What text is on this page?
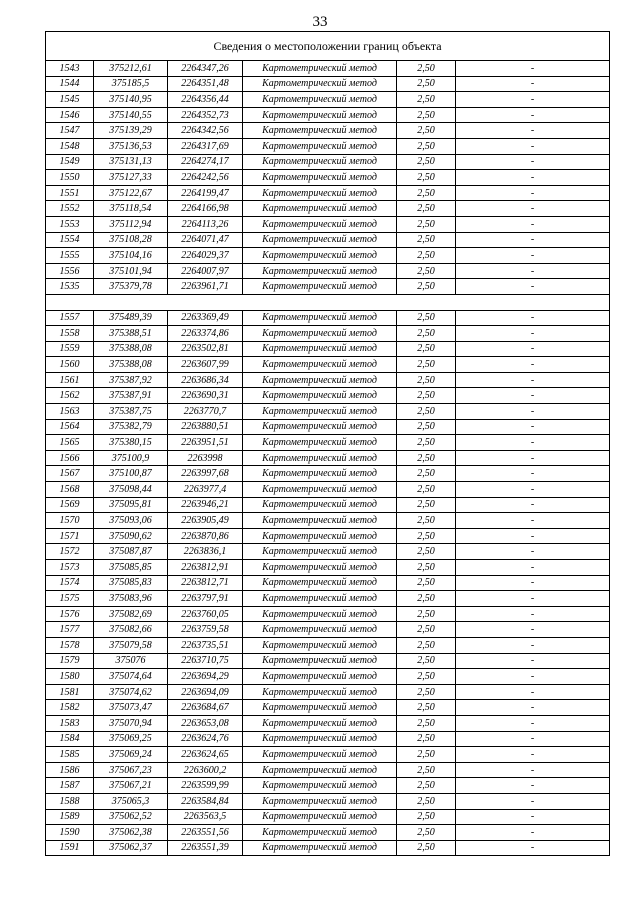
33
Сведения о местоположении границ объекта					
1543	375212,61	2264347,26	Картометрический метод	2,50	-
1544	375185,5	2264351,48	Картометрический метод	2,50	-
1545	375140,95	2264356,44	Картометрический метод	2,50	-
1546	375140,55	2264352,73	Картометрический метод	2,50	-
1547	375139,29	2264342,56	Картометрический метод	2,50	-
1548	375136,53	2264317,69	Картометрический метод	2,50	-
1549	375131,13	2264274,17	Картометрический метод	2,50	-
1550	375127,33	2264242,56	Картометрический метод	2,50	-
1551	375122,67	2264199,47	Картометрический метод	2,50	-
1552	375118,54	2264166,98	Картометрический метод	2,50	-
1553	375112,94	2264113,26	Картометрический метод	2,50	-
1554	375108,28	2264071,47	Картометрический метод	2,50	-
1555	375104,16	2264029,37	Картометрический метод	2,50	-
1556	375101,94	2264007,97	Картометрический метод	2,50	-
1535	375379,78	2263961,71	Картометрический метод	2,50	-

1557	375489,39	2263369,49	Картометрический метод	2,50	-
1558	375388,51	2263374,86	Картометрический метод	2,50	-
1559	375388,08	2263502,81	Картометрический метод	2,50	-
1560	375388,08	2263607,99	Картометрический метод	2,50	-
1561	375387,92	2263686,34	Картометрический метод	2,50	-
1562	375387,91	2263690,31	Картометрический метод	2,50	-
1563	375387,75	2263770,7	Картометрический метод	2,50	-
1564	375382,79	2263880,51	Картометрический метод	2,50	-
1565	375380,15	2263951,51	Картометрический метод	2,50	-
1566	375100,9	2263998	Картометрический метод	2,50	-
1567	375100,87	2263997,68	Картометрический метод	2,50	-
1568	375098,44	2263977,4	Картометрический метод	2,50	-
1569	375095,81	2263946,21	Картометрический метод	2,50	-
1570	375093,06	2263905,49	Картометрический метод	2,50	-
1571	375090,62	2263870,86	Картометрический метод	2,50	-
1572	375087,87	2263836,1	Картометрический метод	2,50	-
1573	375085,85	2263812,91	Картометрический метод	2,50	-
1574	375085,83	2263812,71	Картометрический метод	2,50	-
1575	375083,96	2263797,91	Картометрический метод	2,50	-
1576	375082,69	2263760,05	Картометрический метод	2,50	-
1577	375082,66	2263759,58	Картометрический метод	2,50	-
1578	375079,58	2263735,51	Картометрический метод	2,50	-
1579	375076	2263710,75	Картометрический метод	2,50	-
1580	375074,64	2263694,29	Картометрический метод	2,50	-
1581	375074,62	2263694,09	Картометрический метод	2,50	-
1582	375073,47	2263684,67	Картометрический метод	2,50	-
1583	375070,94	2263653,08	Картометрический метод	2,50	-
1584	375069,25	2263624,76	Картометрический метод	2,50	-
1585	375069,24	2263624,65	Картометрический метод	2,50	-
1586	375067,23	2263600,2	Картометрический метод	2,50	-
1587	375067,21	2263599,99	Картометрический метод	2,50	-
1588	375065,3	2263584,84	Картометрический метод	2,50	-
1589	375062,52	2263563,5	Картометрический метод	2,50	-
1590	375062,38	2263551,56	Картометрический метод	2,50	-
1591	375062,37	2263551,39	Картометрический метод	2,50	-
